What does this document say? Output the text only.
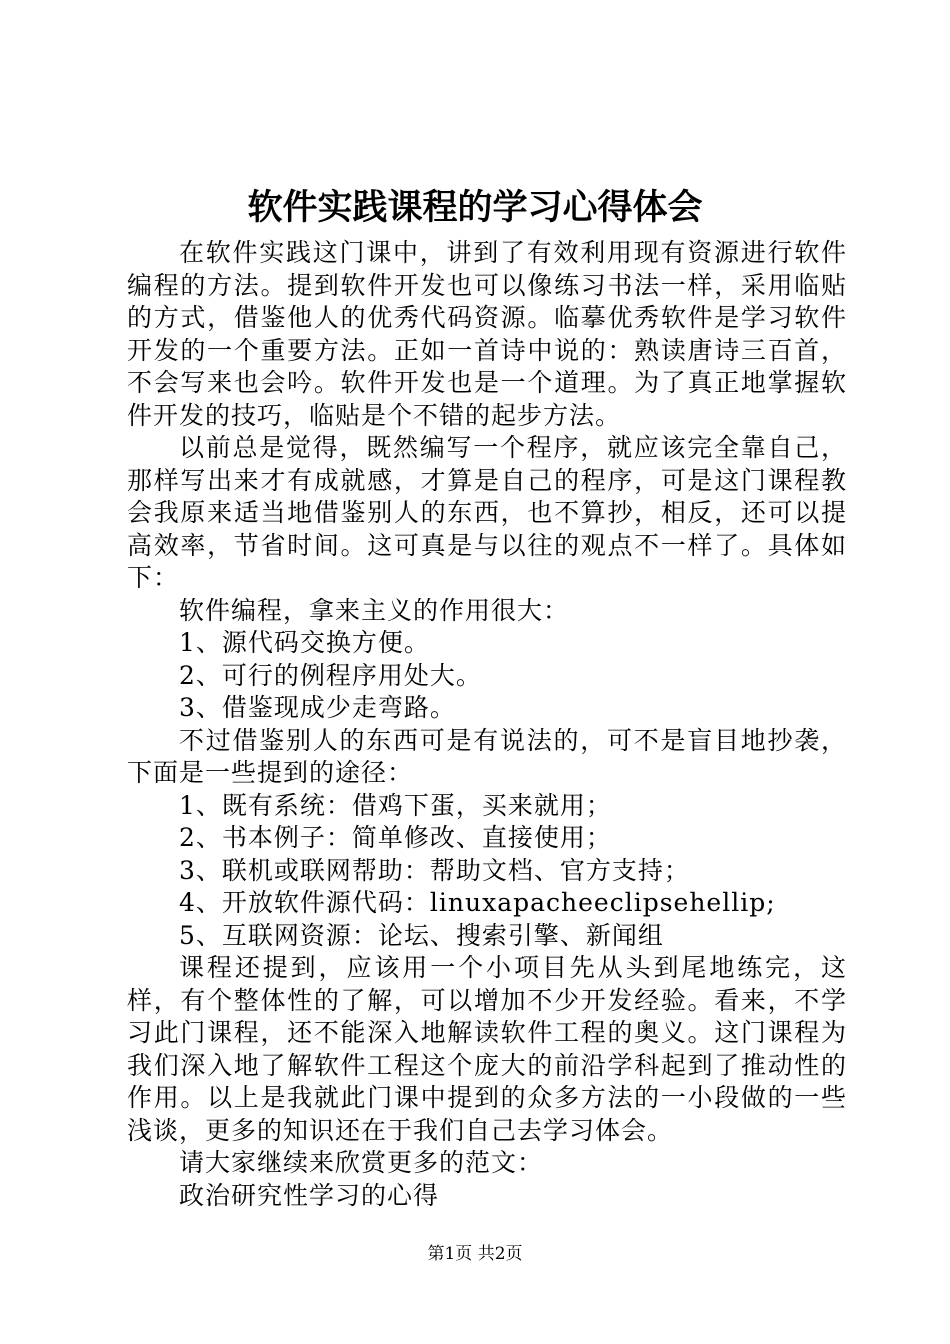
软件实践课程的学习心得体会

在软件实践这门课中，讲到了有效利用现有资源进行软件编程的方法。提到软件开发也可以像练习书法一样，采用临贴的方式，借鉴他人的优秀代码资源。临摹优秀软件是学习软件开发的一个重要方法。正如一首诗中说的：熟读唐诗三百首，不会写来也会吟。软件开发也是一个道理。为了真正地掌握软件开发的技巧，临贴是个不错的起步方法。

以前总是觉得，既然编写一个程序，就应该完全靠自己，那样写出来才有成就感，才算是自己的程序，可是这门课程教会我原来适当地借鉴别人的东西，也不算抄，相反，还可以提高效率，节省时间。这可真是与以往的观点不一样了。具体如下：

软件编程，拿来主义的作用很大：

1、源代码交换方便。

2、可行的例程序用处大。

3、借鉴现成少走弯路。

不过借鉴别人的东西可是有说法的，可不是盲目地抄袭，下面是一些提到的途径：

1、既有系统：借鸡下蛋，买来就用；

2、书本例子：简单修改、直接使用；

3、联机或联网帮助：帮助文档、官方支持；

4、开放软件源代码：linuxapacheeclipsehellip;

5、互联网资源：论坛、搜索引擎、新闻组

课程还提到，应该用一个小项目先从头到尾地练完，这样，有个整体性的了解，可以增加不少开发经验。看来，不学习此门课程，还不能深入地解读软件工程的奥义。这门课程为我们深入地了解软件工程这个庞大的前沿学科起到了推动性的作用。以上是我就此门课中提到的众多方法的一小段做的一些浅谈，更多的知识还在于我们自己去学习体会。

请大家继续来欣赏更多的范文：

政治研究性学习的心得

第1页 共2页
